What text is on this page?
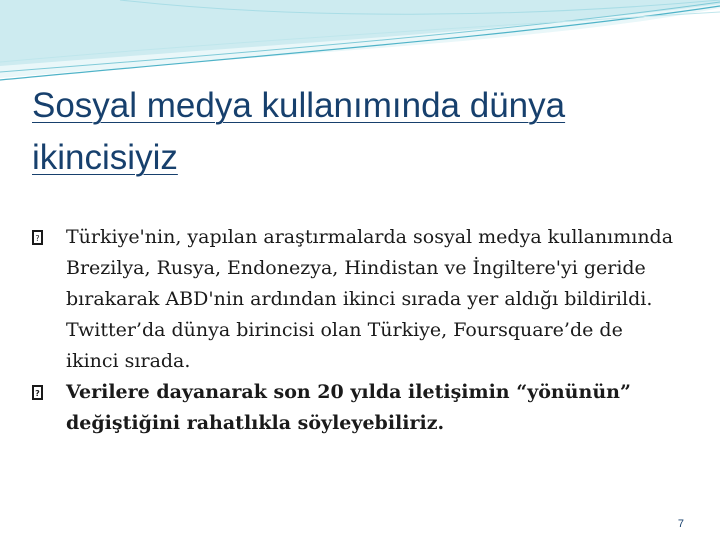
Sosyal medya kullanımında dünya ikincisiyiz

? Türkiye'nin, yapılan araştırmalarda sosyal medya kullanımında Brezilya, Rusya, Endonezya, Hindistan ve İngiltere'yi geride bırakarak ABD'nin ardından ikinci sırada yer aldığı bildirildi. Twitter’da dünya birincisi olan Türkiye, Foursquare’de de ikinci sırada.

? Verilere dayanarak son 20 yılda iletişimin “yönünün” değiştiğini rahatlıkla söyleyebiliriz.

7
